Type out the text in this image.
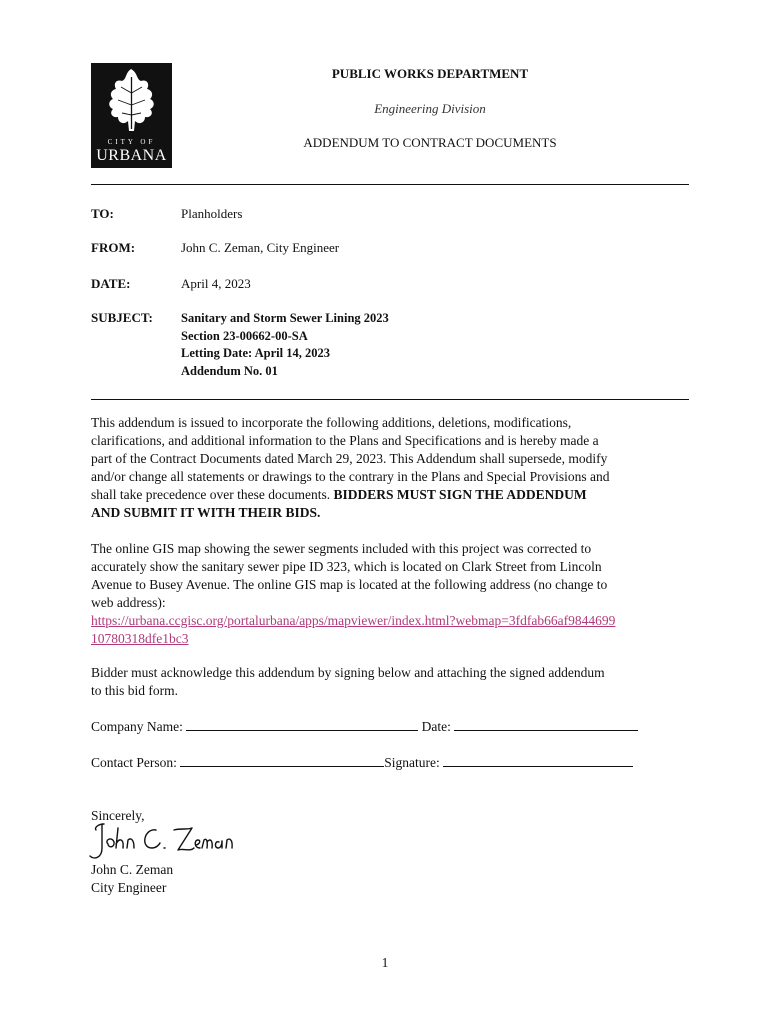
CITY OF
URBANA
PUBLIC WORKS DEPARTMENT
Engineering Division
ADDENDUM TO CONTRACT DOCUMENTS
TO:	Planholders
FROM:	John C. Zeman, City Engineer
DATE:	April 4, 2023
SUBJECT: Sanitary and Storm Sewer Lining 2023
Section 23-00662-00-SA
Letting Date: April 14, 2023
Addendum No. 01
This addendum is issued to incorporate the following additions, deletions, modifications,
clarifications, and additional information to the Plans and Specifications and is hereby made a
part of the Contract Documents dated March 29, 2023. This Addendum shall supersede, modify
and/or change all statements or drawings to the contrary in the Plans and Special Provisions and
shall take precedence over these documents. BIDDERS MUST SIGN THE ADDENDUM
AND SUBMIT IT WITH THEIR BIDS.
The online GIS map showing the sewer segments included with this project was corrected to
accurately show the sanitary sewer pipe ID 323, which is located on Clark Street from Lincoln
Avenue to Busey Avenue. The online GIS map is located at the following address (no change to
web address):
https://urbana.ccgisc.org/portalurbana/apps/mapviewer/index.html?webmap=3fdfab66af9844699
10780318dfe1bc3
Bidder must acknowledge this addendum by signing below and attaching the signed addendum
to this bid form.
Company Name:	Date:
Contact Person:	Signature:
Sincerely,
John C. Zeman
City Engineer
1
